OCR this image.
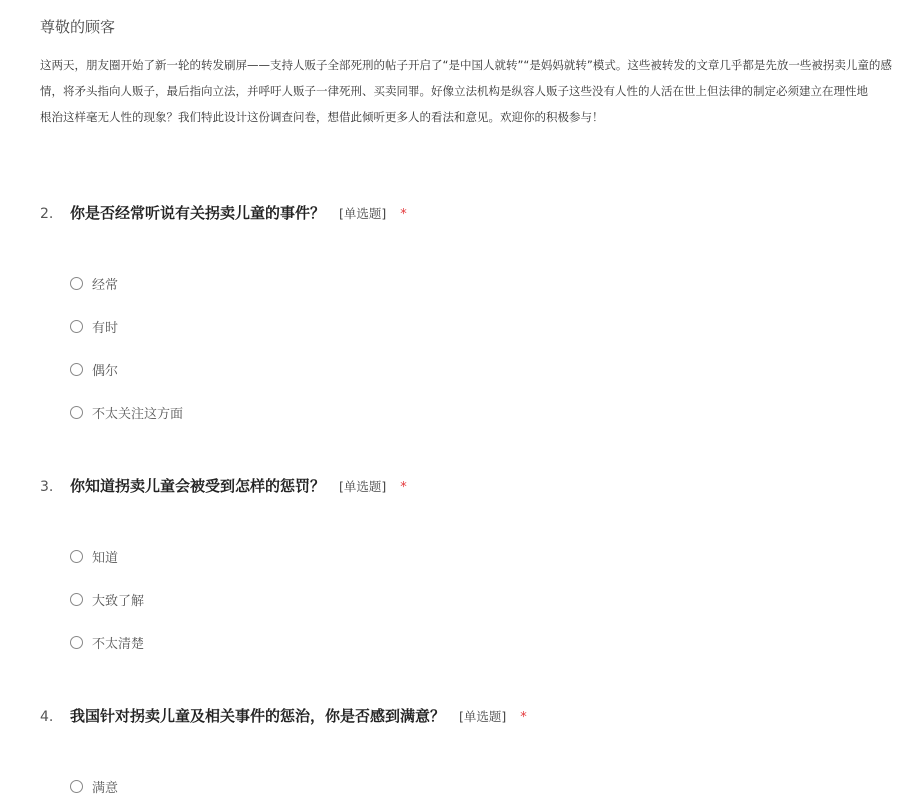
尊敬的顾客
这两天，朋友圈开始了新一轮的转发刷屏——支持人贩子全部死刑的帖子开启了“是中国人就转”“是妈妈就转”模式。这些被转发的文章几乎都是先放一些被拐卖儿童的感
情，将矛头指向人贩子，最后指向立法，并呼吁人贩子一律死刑、买卖同罪。好像立法机构是纵容人贩子这些没有人性的人活在世上但法律的制定必须建立在理性地
根治这样毫无人性的现象？我们特此设计这份调查问卷，想借此倾听更多人的看法和意见。欢迎你的积极参与！
2.	你是否经常听说有关拐卖儿童的事件？ [单选题] *
经常
有时
偶尔
不太关注这方面
3.	你知道拐卖儿童会被受到怎样的惩罚？ [单选题] *
知道
大致了解
不太清楚
4.	我国针对拐卖儿童及相关事件的惩治，你是否感到满意？ [单选题] *
满意
